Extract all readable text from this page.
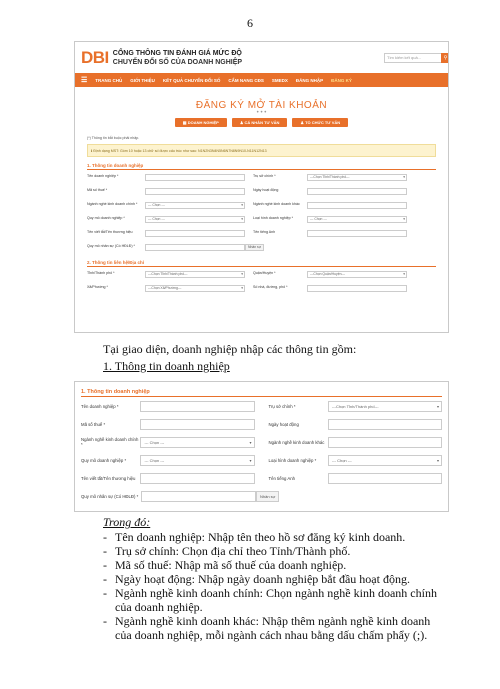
6
DBI CỔNG THÔNG TIN ĐÁNH GIÁ MỨC ĐỘ
CHUYỂN ĐỔI SỐ CỦA DOANH NGHIỆP
Tìm kiếm kết quả...	⚲
☰ TRANG CHỦ GIỚI THIỆU KẾT QUẢ CHUYỂN ĐỔI SỐ CẨM NANG CĐS SMEDX ĐĂNG NHẬP ĐĂNG KÝ
ĐĂNG KÝ MỞ TÀI KHOẢN
• • •
▦ DOANH NGHIỆP	♟ CÁ NHÂN TƯ VẤN	♟ TỔ CHỨC TƯ VẤN
(*) Thông tin bắt buộc phải nhập.
ℹ Định dạng MST: Gồm 10 hoặc 13 chữ số được cấu trúc như sau: N1N2N3N4N5N6N7N8N9N10-N11N12N13
1. Thông tin doanh nghiệp
Tên doanh nghiệp *	Trụ sở chính *	---Chọn Tỉnh/Thành phố---	▾
Mã số thuế *	Ngày hoạt động
Ngành nghề kinh doanh chính *	--- Chọn ---	▾	Ngành nghề kinh doanh khác
Quy mô doanh nghiệp *	--- Chọn ---	▾	Loại hình doanh nghiệp *	--- Chọn ---	▾
Tên viết tắt/Tên thương hiệu	Tên tiếng Anh
Quy mô nhân sự (Có HĐLĐ) *	Nhân sự
2. Thông tin liên hệ/Địa chỉ
Tỉnh/Thành phố *	---Chọn Tỉnh/Thành phố---	▾	Quận/Huyện *	---Chọn Quận/Huyện---	▾
Xã/Phường *	---Chọn Xã/Phường---	▾	Số nhà, đường, phố *
Tại giao diện, doanh nghiệp nhập các thông tin gồm:
1. Thông tin doanh nghiệp
1. Thông tin doanh nghiệp
Tên doanh nghiệp *	Trụ sở chính *	---Chọn Tỉnh/Thành phố---	▾
Mã số thuế *	Ngày hoạt động
Ngành nghề kinh doanh chính *	--- Chọn ---	▾	Ngành nghề kinh doanh khác
Quy mô doanh nghiệp *	--- Chọn ---	▾	Loại hình doanh nghiệp *	--- Chọn ---	▾
Tên viết tắt/Tên thương hiệu	Tên tiếng Anh
Quy mô nhân sự (Có HĐLĐ) *	Nhân sự
Trong đó:
- Tên doanh nghiệp: Nhập tên theo hồ sơ đăng ký kinh doanh.
- Trụ sở chính: Chọn địa chỉ theo Tỉnh/Thành phố.
- Mã số thuế: Nhập mã số thuế của doanh nghiệp.
- Ngày hoạt động: Nhập ngày doanh nghiệp bắt đầu hoạt động.
- Ngành nghề kinh doanh chính: Chọn ngành nghề kinh doanh chính của doanh nghiệp.
- Ngành nghề kinh doanh khác: Nhập thêm ngành nghề kinh doanh của doanh nghiệp, mỗi ngành cách nhau bằng dấu chấm phẩy (;).
